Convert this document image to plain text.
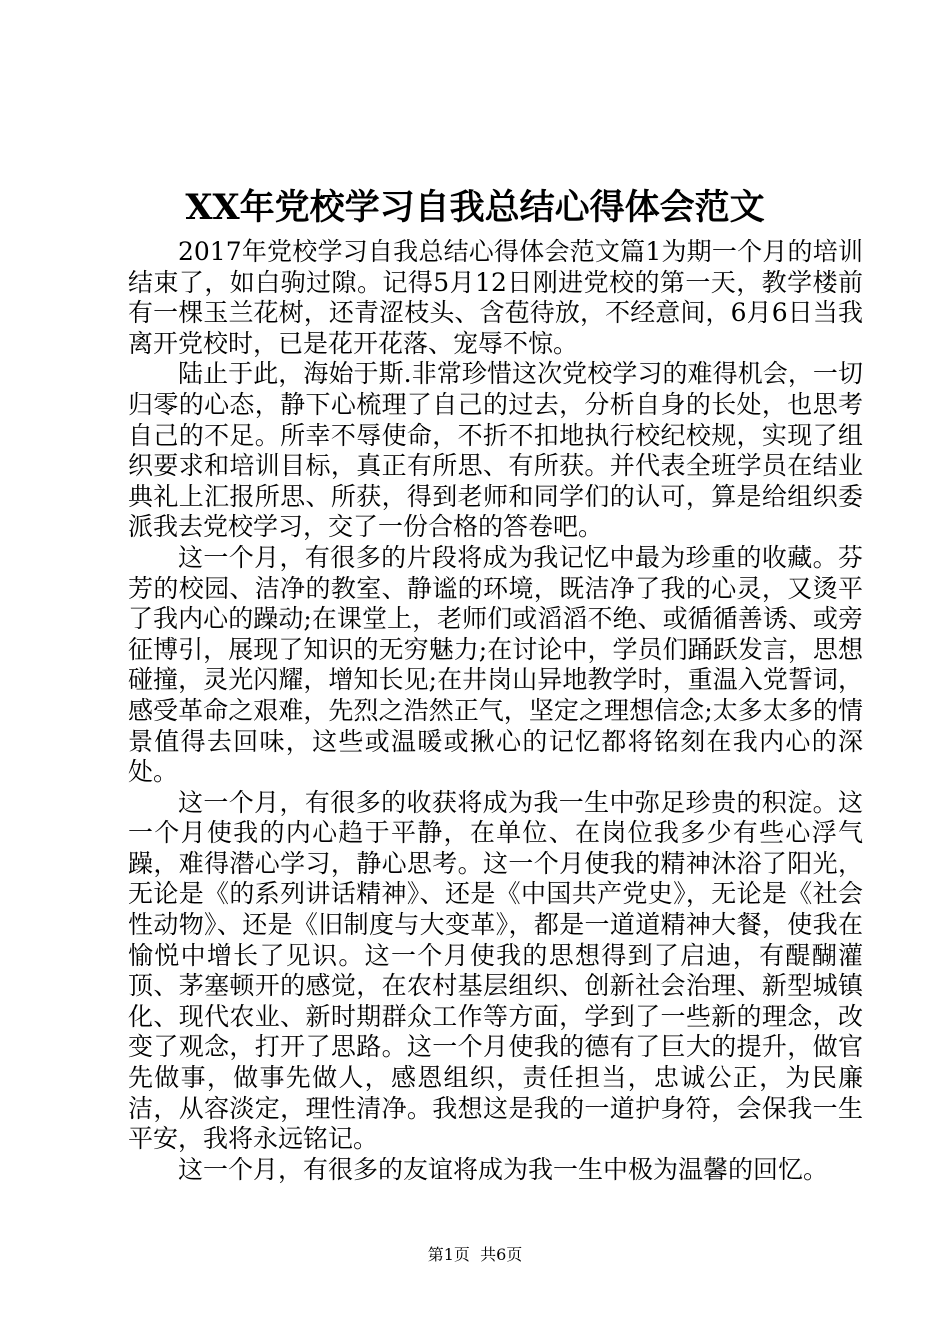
XX年党校学习自我总结心得体会范文

2017年党校学习自我总结心得体会范文篇1为期一个月的培训结束了，如白驹过隙。记得5月12日刚进党校的第一天，教学楼前有一棵玉兰花树，还青涩枝头、含苞待放，不经意间，6月6日当我离开党校时，已是花开花落、宠辱不惊。

陆止于此，海始于斯.非常珍惜这次党校学习的难得机会，一切归零的心态，静下心梳理了自己的过去，分析自身的长处，也思考自己的不足。所幸不辱使命，不折不扣地执行校纪校规，实现了组织要求和培训目标，真正有所思、有所获。并代表全班学员在结业典礼上汇报所思、所获，得到老师和同学们的认可，算是给组织委派我去党校学习，交了一份合格的答卷吧。

这一个月，有很多的片段将成为我记忆中最为珍重的收藏。芬芳的校园、洁净的教室、静谧的环境，既洁净了我的心灵，又烫平了我内心的躁动;在课堂上，老师们或滔滔不绝、或循循善诱、或旁征博引，展现了知识的无穷魅力;在讨论中，学员们踊跃发言，思想碰撞，灵光闪耀，增知长见;在井岗山异地教学时，重温入党誓词，感受革命之艰难，先烈之浩然正气，坚定之理想信念;太多太多的情景值得去回味，这些或温暖或揪心的记忆都将铭刻在我内心的深处。

这一个月，有很多的收获将成为我一生中弥足珍贵的积淀。这一个月使我的内心趋于平静，在单位、在岗位我多少有些心浮气躁，难得潜心学习，静心思考。这一个月使我的精神沐浴了阳光，无论是《的系列讲话精神》、还是《中国共产党史》，无论是《社会性动物》、还是《旧制度与大变革》，都是一道道精神大餐，使我在愉悦中增长了见识。这一个月使我的思想得到了启迪，有醍醐灌顶、茅塞顿开的感觉，在农村基层组织、创新社会治理、新型城镇化、现代农业、新时期群众工作等方面，学到了一些新的理念，改变了观念，打开了思路。这一个月使我的德有了巨大的提升，做官先做事，做事先做人，感恩组织，责任担当，忠诚公正，为民廉洁，从容淡定，理性清净。我想这是我的一道护身符，会保我一生平安，我将永远铭记。

这一个月，有很多的友谊将成为我一生中极为温馨的回忆。

第1页 共6页
